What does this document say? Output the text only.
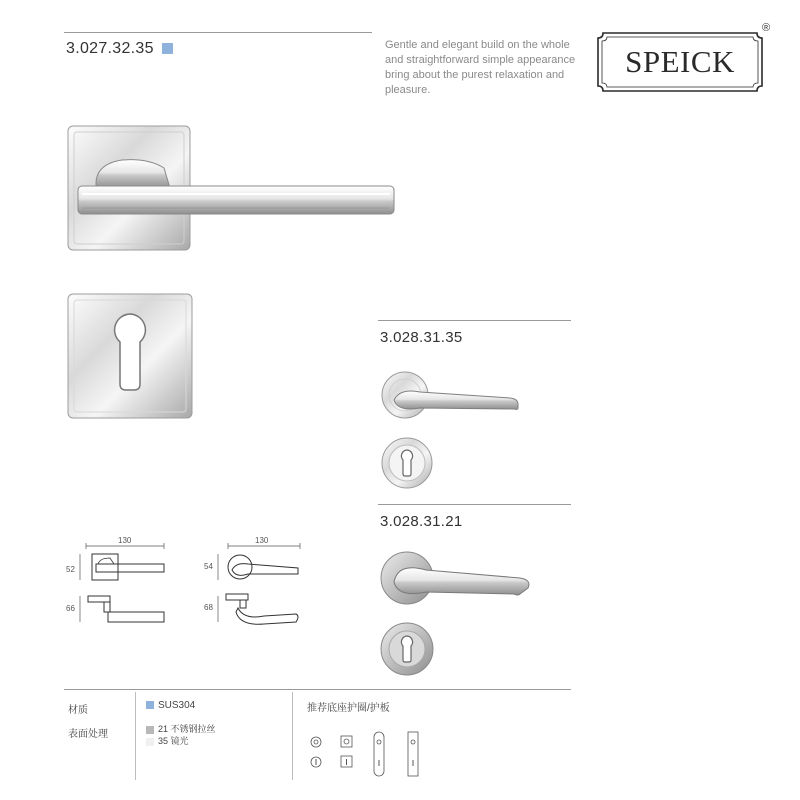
3.027.32.35	Gentle and elegant build on the whole and straightforward simple appearance bring about the purest relaxation and pleasure.
SPEICK
®
3.028.31.35
3.028.31.21
130
52
66
130
54
68
材质
表面处理
SUS304
21 不锈钢拉丝
35 镜光
推荐底座护圈/护板
